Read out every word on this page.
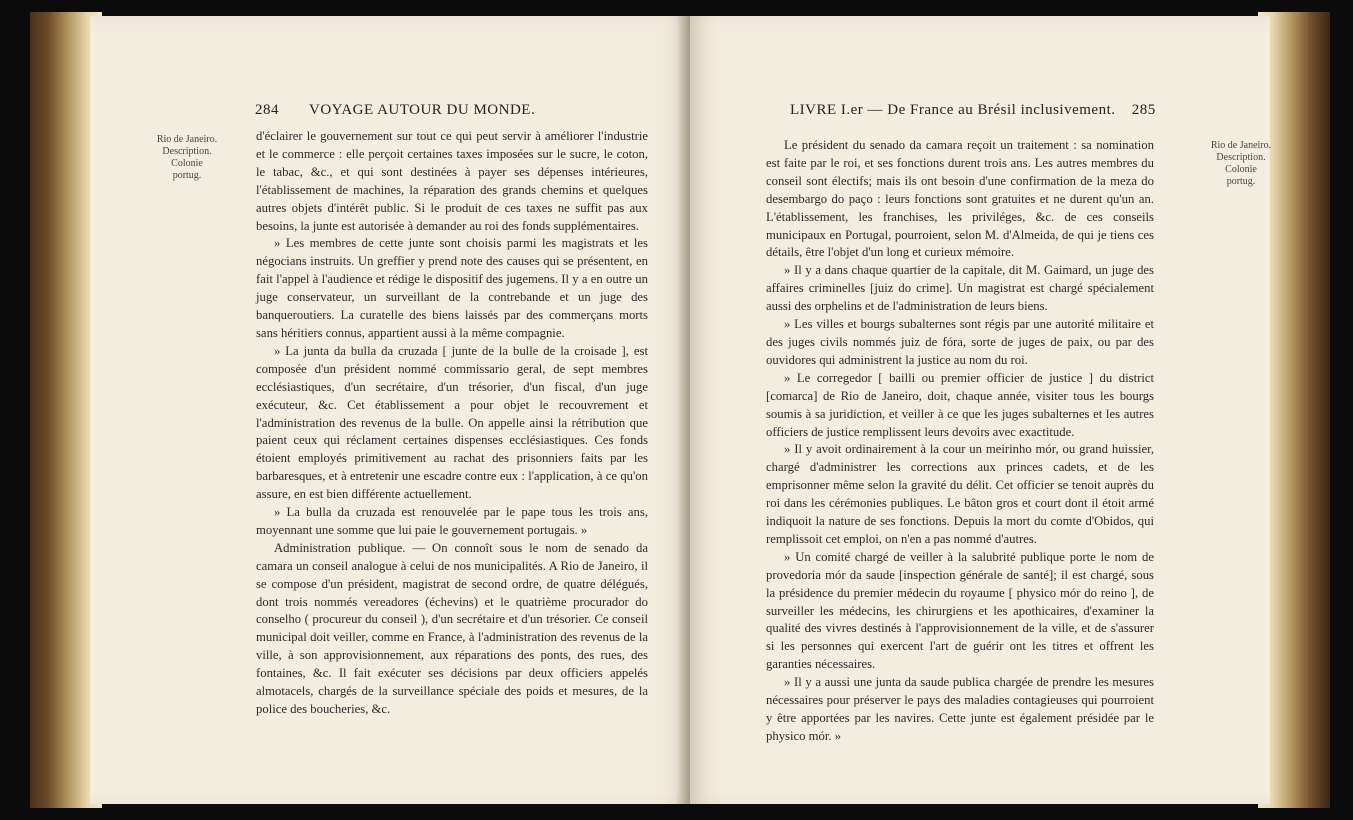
284 VOYAGE AUTOUR DU MONDE.
Rio de Janeiro.
Description.
Colonie portug.

d'éclairer le gouvernement sur tout ce qui peut servir à améliorer l'industrie et le commerce : elle perçoit certaines taxes imposées sur le sucre, le coton, le tabac, &c., et qui sont destinées à payer ses dépenses intérieures, l'établissement de machines, la réparation des grands chemins et quelques autres objets d'intérêt public. Si le produit de ces taxes ne suffit pas aux besoins, la junte est autorisée à demander au roi des fonds supplémentaires.

» Les membres de cette junte sont choisis parmi les magistrats et les négocians instruits. Un greffier y prend note des causes qui se présentent, en fait l'appel à l'audience et rédige le dispositif des jugemens. Il y a en outre un juge conservateur, un surveillant de la contrebande et un juge des banqueroutiers. La curatelle des biens laissés par des commerçans morts sans héritiers connus, appartient aussi à la même compagnie.

» La junta da bulla da cruzada [ junte de la bulle de la croisade ], est composée d'un président nommé commissario geral, de sept membres ecclésiastiques, d'un secrétaire, d'un trésorier, d'un fiscal, d'un juge exécuteur, &c. Cet établissement a pour objet le recouvrement et l'administration des revenus de la bulle. On appelle ainsi la rétribution que paient ceux qui réclament certaines dispenses ecclésiastiques. Ces fonds étoient employés primitivement au rachat des prisonniers faits par les barbaresques, et à entretenir une escadre contre eux : l'application, à ce qu'on assure, en est bien différente actuellement.

» La bulla da cruzada est renouvelée par le pape tous les trois ans, moyennant une somme que lui paie le gouvernement portugais. »

Administration publique. — On connoît sous le nom de senado da camara un conseil analogue à celui de nos municipalités. A Rio de Janeiro, il se compose d'un président, magistrat de second ordre, de quatre délégués, dont trois nommés vereadores (échevins) et le quatrième procurador do conselho ( procureur du conseil ), d'un secrétaire et d'un trésorier. Ce conseil municipal doit veiller, comme en France, à l'administration des revenus de la ville, à son approvisionnement, aux réparations des ponts, des rues, des fontaines, &c. Il fait exécuter ses décisions par deux officiers appelés almotacels, chargés de la surveillance spéciale des poids et mesures, de la police des boucheries, &c.

LIVRE I.er — De France au Brésil inclusivement. 285
Rio de Janeiro.
Description.
Colonie portug.

Le président du senado da camara reçoit un traitement : sa nomination est faite par le roi, et ses fonctions durent trois ans. Les autres membres du conseil sont électifs; mais ils ont besoin d'une confirmation de la meza do desembargo do paço : leurs fonctions sont gratuites et ne durent qu'un an. L'établissement, les franchises, les priviléges, &c. de ces conseils municipaux en Portugal, pourroient, selon M. d'Almeida, de qui je tiens ces détails, être l'objet d'un long et curieux mémoire.

» Il y a dans chaque quartier de la capitale, dit M. Gaimard, un juge des affaires criminelles [juiz do crime]. Un magistrat est chargé spécialement aussi des orphelins et de l'administration de leurs biens.

» Les villes et bourgs subalternes sont régis par une autorité militaire et des juges civils nommés juiz de fóra, sorte de juges de paix, ou par des ouvidores qui administrent la justice au nom du roi.

» Le corregedor [ bailli ou premier officier de justice ] du district [comarca] de Rio de Janeiro, doit, chaque année, visiter tous les bourgs soumis à sa juridiction, et veiller à ce que les juges subalternes et les autres officiers de justice remplissent leurs devoirs avec exactitude.

» Il y avoit ordinairement à la cour un meirinho mór, ou grand huissier, chargé d'administrer les corrections aux princes cadets, et de les emprisonner même selon la gravité du délit. Cet officier se tenoit auprès du roi dans les cérémonies publiques. Le bâton gros et court dont il étoit armé indiquoit la nature de ses fonctions. Depuis la mort du comte d'Obidos, qui remplissoit cet emploi, on n'en a pas nommé d'autres.

» Un comité chargé de veiller à la salubrité publique porte le nom de provedoria mór da saude [inspection générale de santé]; il est chargé, sous la présidence du premier médecin du royaume [ physico mór do reino ], de surveiller les médecins, les chirurgiens et les apothicaires, d'examiner la qualité des vivres destinés à l'approvisionnement de la ville, et de s'assurer si les personnes qui exercent l'art de guérir ont les titres et offrent les garanties nécessaires.

» Il y a aussi une junta da saude publica chargée de prendre les mesures nécessaires pour préserver le pays des maladies contagieuses qui pourroient y être apportées par les navires. Cette junte est également présidée par le physico mór. »
